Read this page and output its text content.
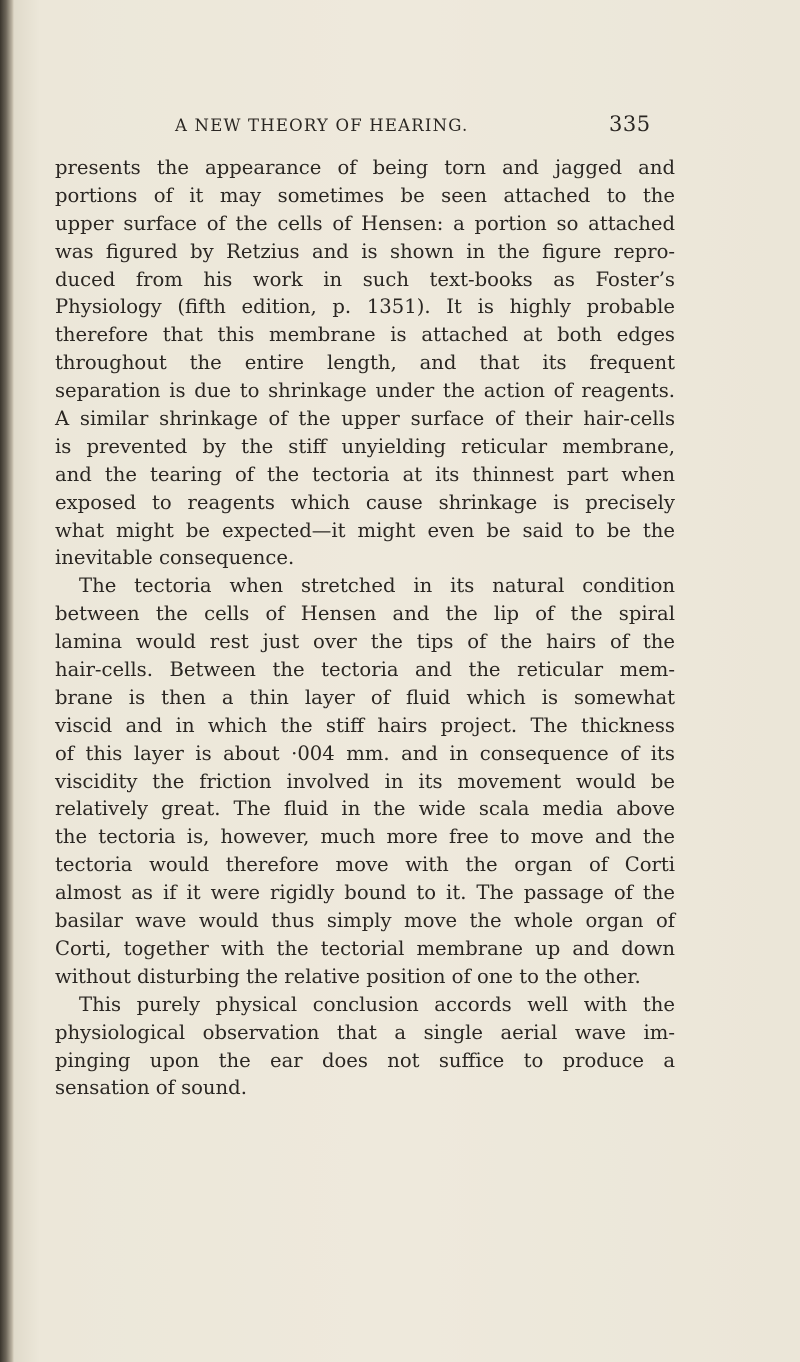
A NEW THEORY OF HEARING.	335
presents the appearance of being torn and jagged and
portions of it may sometimes be seen attached to the
upper surface of the cells of Hensen: a portion so attached
was figured by Retzius and is shown in the figure repro-
duced from his work in such text-books as Foster’s
Physiology (fifth edition, p. 1351). It is highly probable
therefore that this membrane is attached at both edges
throughout the entire length, and that its frequent
separation is due to shrinkage under the action of reagents.
A similar shrinkage of the upper surface of their hair-cells
is prevented by the stiff unyielding reticular membrane,
and the tearing of the tectoria at its thinnest part when
exposed to reagents which cause shrinkage is precisely
what might be expected—it might even be said to be the
inevitable consequence.
The tectoria when stretched in its natural condition
between the cells of Hensen and the lip of the spiral
lamina would rest just over the tips of the hairs of the
hair-cells. Between the tectoria and the reticular mem-
brane is then a thin layer of fluid which is somewhat
viscid and in which the stiff hairs project. The thickness
of this layer is about ·004 mm. and in consequence of its
viscidity the friction involved in its movement would be
relatively great. The fluid in the wide scala media above
the tectoria is, however, much more free to move and the
tectoria would therefore move with the organ of Corti
almost as if it were rigidly bound to it. The passage of the
basilar wave would thus simply move the whole organ of
Corti, together with the tectorial membrane up and down
without disturbing the relative position of one to the other.
This purely physical conclusion accords well with the
physiological observation that a single aerial wave im-
pinging upon the ear does not suffice to produce a
sensation of sound.
